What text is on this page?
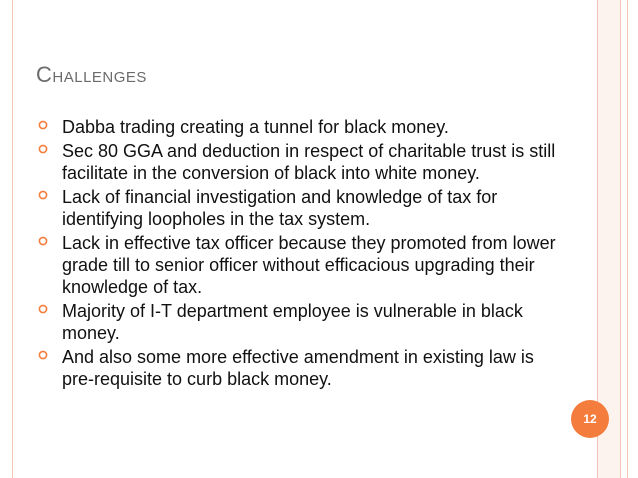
Challenges
Dabba trading creating a tunnel for black money.
Sec 80 GGA and deduction in respect of charitable trust is still facilitate in the conversion of black into white money.
Lack of financial investigation and knowledge of tax for identifying loopholes in the tax system.
Lack in effective tax officer because they promoted from lower grade till to senior officer without efficacious upgrading their knowledge of tax.
Majority of I-T department employee is vulnerable in black money.
And also some more effective amendment in existing law is pre-requisite to curb black money.
12
